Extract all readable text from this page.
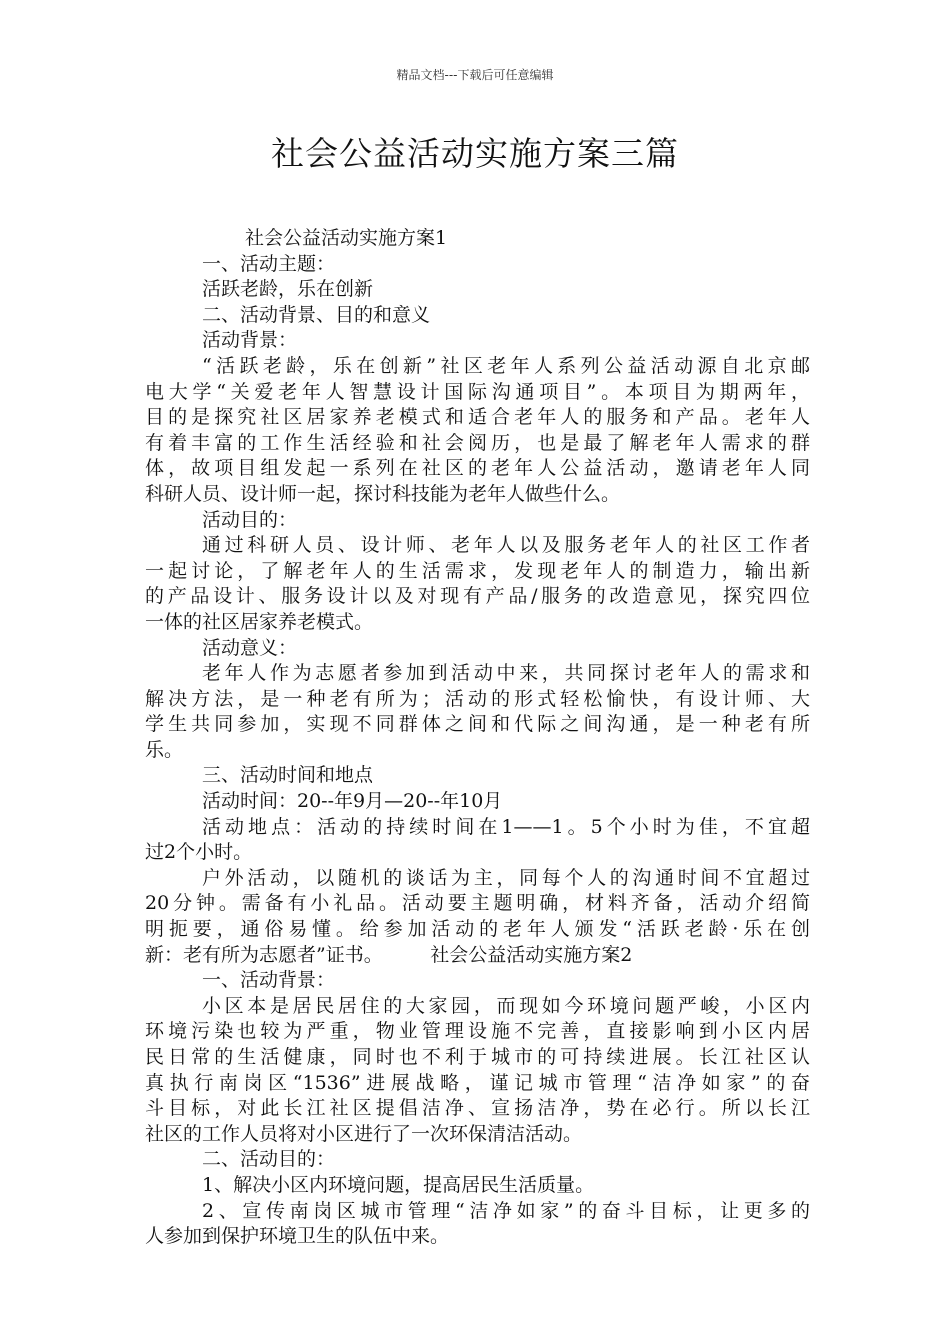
精品文档---下载后可任意编辑
社会公益活动实施方案三篇
社会公益活动实施方案1
一、活动主题：
活跃老龄，乐在创新
二、活动背景、目的和意义
活动背景：
“活跃老龄，乐在创新”社区老年人系列公益活动源自北京邮
电大学“关爱老年人智慧设计国际沟通项目”。本项目为期两年，
目的是探究社区居家养老模式和适合老年人的服务和产品。老年人
有着丰富的工作生活经验和社会阅历，也是最了解老年人需求的群
体，故项目组发起一系列在社区的老年人公益活动，邀请老年人同
科研人员、设计师一起，探讨科技能为老年人做些什么。
活动目的：
通过科研人员、设计师、老年人以及服务老年人的社区工作者
一起讨论，了解老年人的生活需求，发现老年人的制造力，输出新
的产品设计、服务设计以及对现有产品/服务的改造意见，探究四位
一体的社区居家养老模式。
活动意义：
老年人作为志愿者参加到活动中来，共同探讨老年人的需求和
解决方法，是一种老有所为；活动的形式轻松愉快，有设计师、大
学生共同参加，实现不同群体之间和代际之间沟通，是一种老有所
乐。
三、活动时间和地点
活动时间：20--年9月—20--年10月
活动地点：活动的持续时间在1——1。5个小时为佳，不宜超
过2个小时。
户外活动，以随机的谈话为主，同每个人的沟通时间不宜超过
20分钟。需备有小礼品。活动要主题明确，材料齐备，活动介绍简
明扼要，通俗易懂。给参加活动的老年人颁发“活跃老龄·乐在创
新：老有所为志愿者”证书。　　　社会公益活动实施方案2
一、活动背景：
小区本是居民居住的大家园，而现如今环境问题严峻，小区内
环境污染也较为严重，物业管理设施不完善，直接影响到小区内居
民日常的生活健康，同时也不利于城市的可持续进展。长江社区认
真执行南岗区“1536”进展战略，谨记城市管理“洁净如家”的奋
斗目标，对此长江社区提倡洁净、宣扬洁净，势在必行。所以长江
社区的工作人员将对小区进行了一次环保清洁活动。
二、活动目的：
1、解决小区内环境问题，提高居民生活质量。
2、宣传南岗区城市管理“洁净如家”的奋斗目标，让更多的
人参加到保护环境卫生的队伍中来。
